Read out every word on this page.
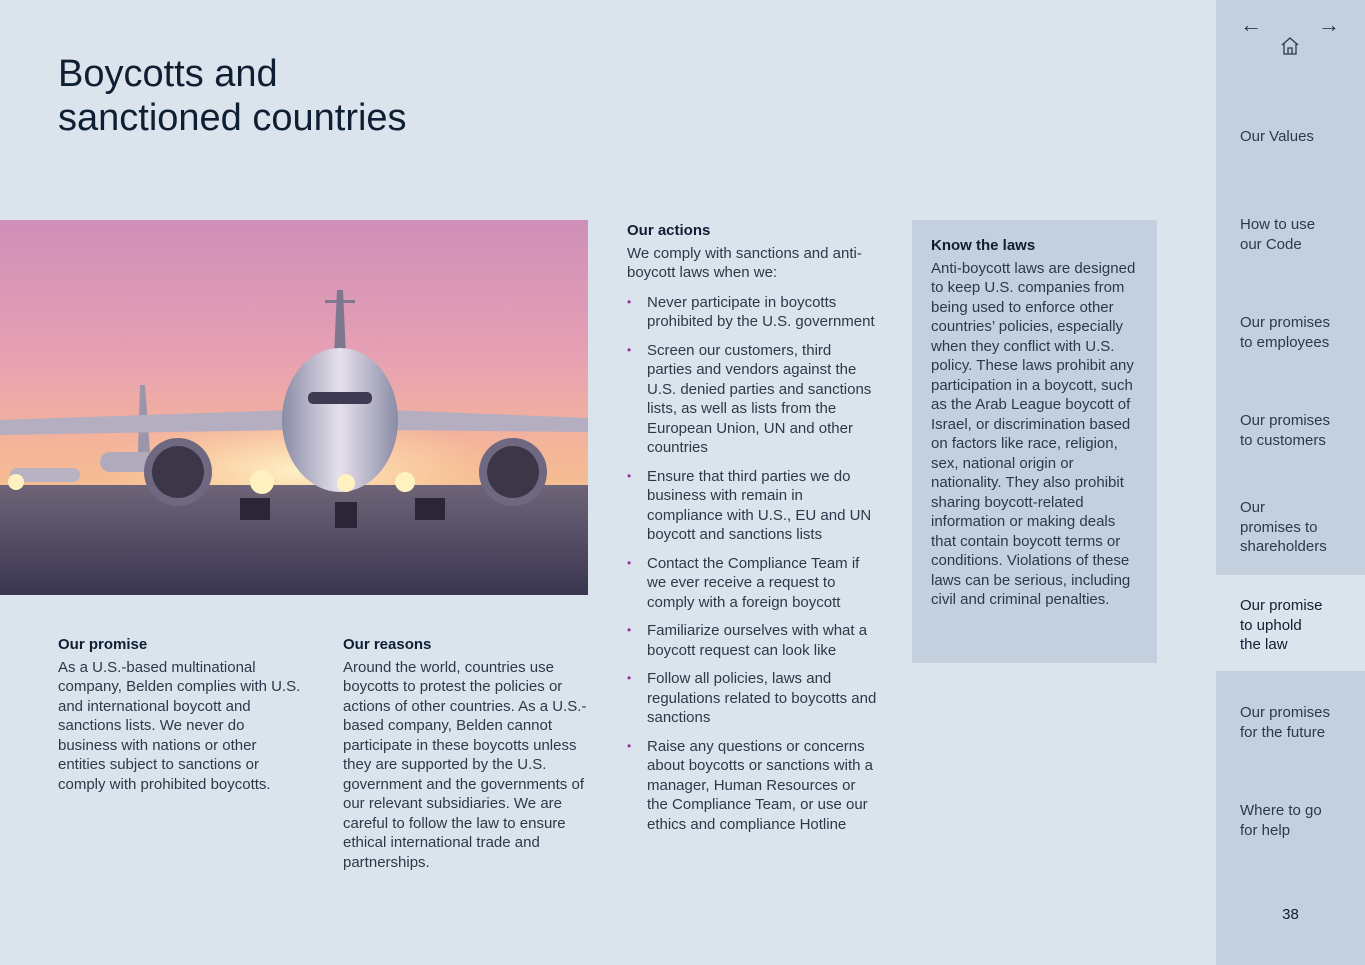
Boycotts and
sanctioned countries
Our promise

As a U.S.-based multinational company, Belden complies with U.S. and international boycott and sanctions lists. We never do business with nations or other entities subject to sanctions or comply with prohibited boycotts.

Our reasons

Around the world, countries use boycotts to protest the policies or actions of other countries. As a U.S.-based company, Belden cannot participate in these boycotts unless they are supported by the U.S. government and the governments of our relevant subsidiaries. We are careful to follow the law to ensure ethical international trade and partnerships.

Our actions

We comply with sanctions and anti-boycott laws when we:

• Never participate in boycotts prohibited by the U.S. government
• Screen our customers, third parties and vendors against the U.S. denied parties and sanctions lists, as well as lists from the European Union, UN and other countries
• Ensure that third parties we do business with remain in compliance with U.S., EU and UN boycott and sanctions lists
• Contact the Compliance Team if we ever receive a request to comply with a foreign boycott
• Familiarize ourselves with what a boycott request can look like
• Follow all policies, laws and regulations related to boycotts and sanctions
• Raise any questions or concerns about boycotts or sanctions with a manager, Human Resources or the Compliance Team, or use our ethics and compliance Hotline
Know the laws

Anti-boycott laws are designed to keep U.S. companies from being used to enforce other countries’ policies, especially when they conflict with U.S. policy. These laws prohibit any participation in a boycott, such as the Arab League boycott of Israel, or discrimination based on factors like race, religion, sex, national origin or nationality. They also prohibit sharing boycott-related information or making deals that contain boycott terms or conditions. Violations of these laws can be serious, including civil and criminal penalties.

←	→
Our Values
How to use
our Code
Our promises
to employees
Our promises
to customers
Our
promises to
shareholders
Our promise
to uphold
the law
Our promises
for the future
Where to go
for help
38
